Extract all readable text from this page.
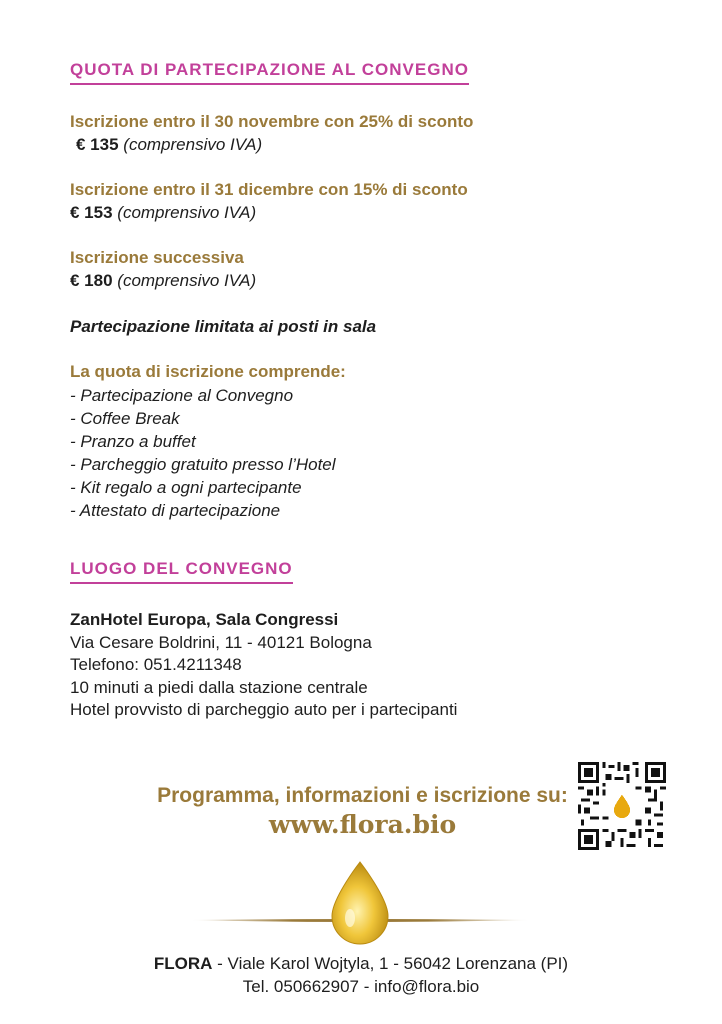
QUOTA DI PARTECIPAZIONE AL CONVEGNO
Iscrizione entro il 30 novembre con 25% di sconto
€ 135 (comprensivo IVA)
Iscrizione entro il 31 dicembre con 15% di sconto
€ 153 (comprensivo IVA)
Iscrizione successiva
€ 180 (comprensivo IVA)
Partecipazione limitata ai posti in sala
La quota di iscrizione comprende:
- Partecipazione al Convegno
- Coffee Break
- Pranzo a buffet
- Parcheggio gratuito presso l’Hotel
- Kit regalo a ogni partecipante
- Attestato di partecipazione
LUOGO DEL CONVEGNO
ZanHotel Europa, Sala Congressi
Via Cesare Boldrini, 11 - 40121 Bologna
Telefono: 051.4211348
10 minuti a piedi dalla stazione centrale
Hotel provvisto di parcheggio auto per i partecipanti
Programma, informazioni e iscrizione su:
www.flora.bio
FLORA - Viale Karol Wojtyla, 1 - 56042 Lorenzana (PI)
Tel. 050662907 - info@flora.bio
